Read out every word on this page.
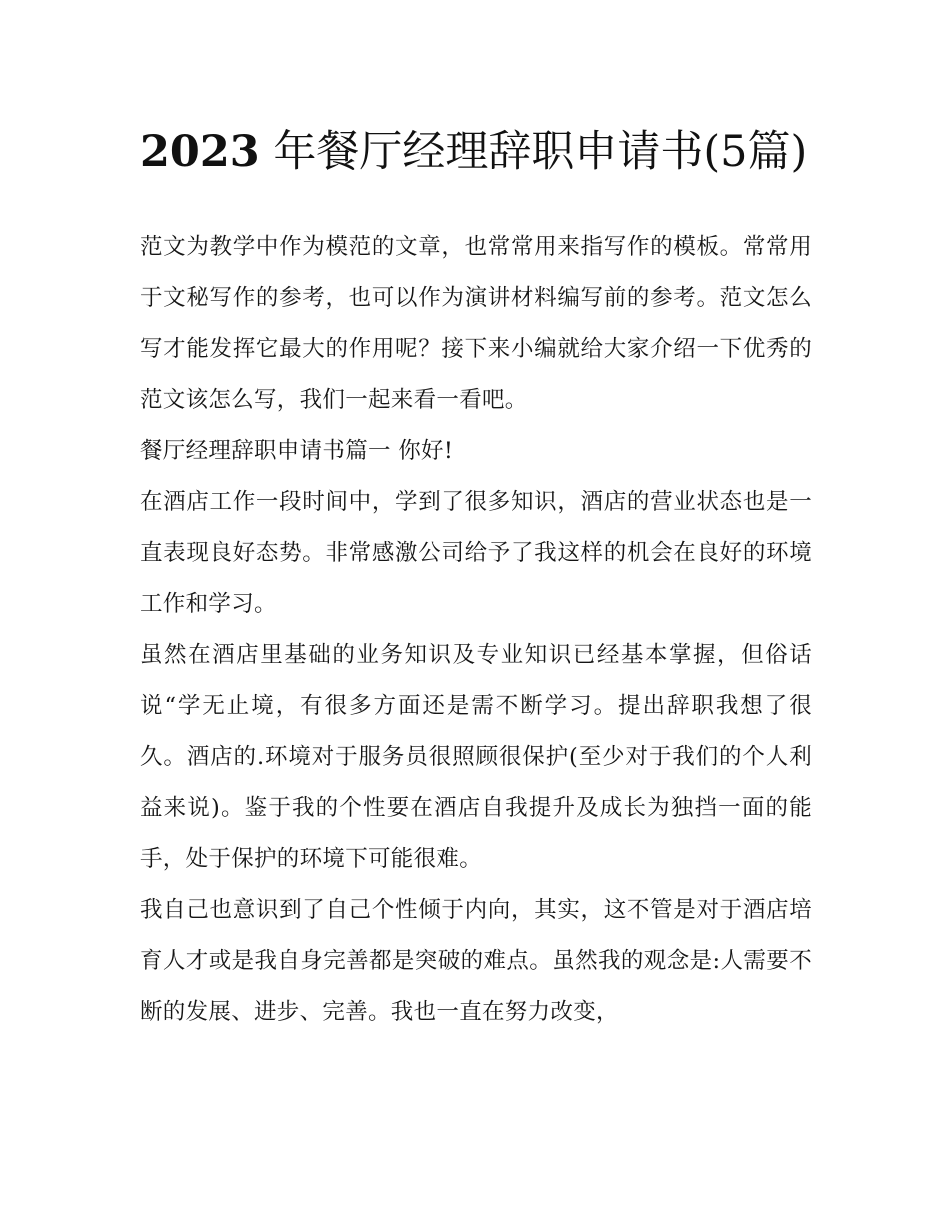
2023 年餐厅经理辞职申请书(5篇)

范文为教学中作为模范的文章，也常常用来指写作的模板。常常用于文秘写作的参考，也可以作为演讲材料编写前的参考。范文怎么写才能发挥它最大的作用呢？接下来小编就给大家介绍一下优秀的范文该怎么写，我们一起来看一看吧。

餐厅经理辞职申请书篇一 你好!

在酒店工作一段时间中，学到了很多知识，酒店的营业状态也是一直表现良好态势。非常感激公司给予了我这样的机会在良好的环境工作和学习。

虽然在酒店里基础的业务知识及专业知识已经基本掌握，但俗话说“学无止境，有很多方面还是需不断学习。提出辞职我想了很久。酒店的.环境对于服务员很照顾很保护(至少对于我们的个人利益来说)。鉴于我的个性要在酒店自我提升及成长为独挡一面的能手，处于保护的环境下可能很难。

我自己也意识到了自己个性倾于内向，其实，这不管是对于酒店培育人才或是我自身完善都是突破的难点。虽然我的观念是:人需要不断的发展、进步、完善。我也一直在努力改变，
